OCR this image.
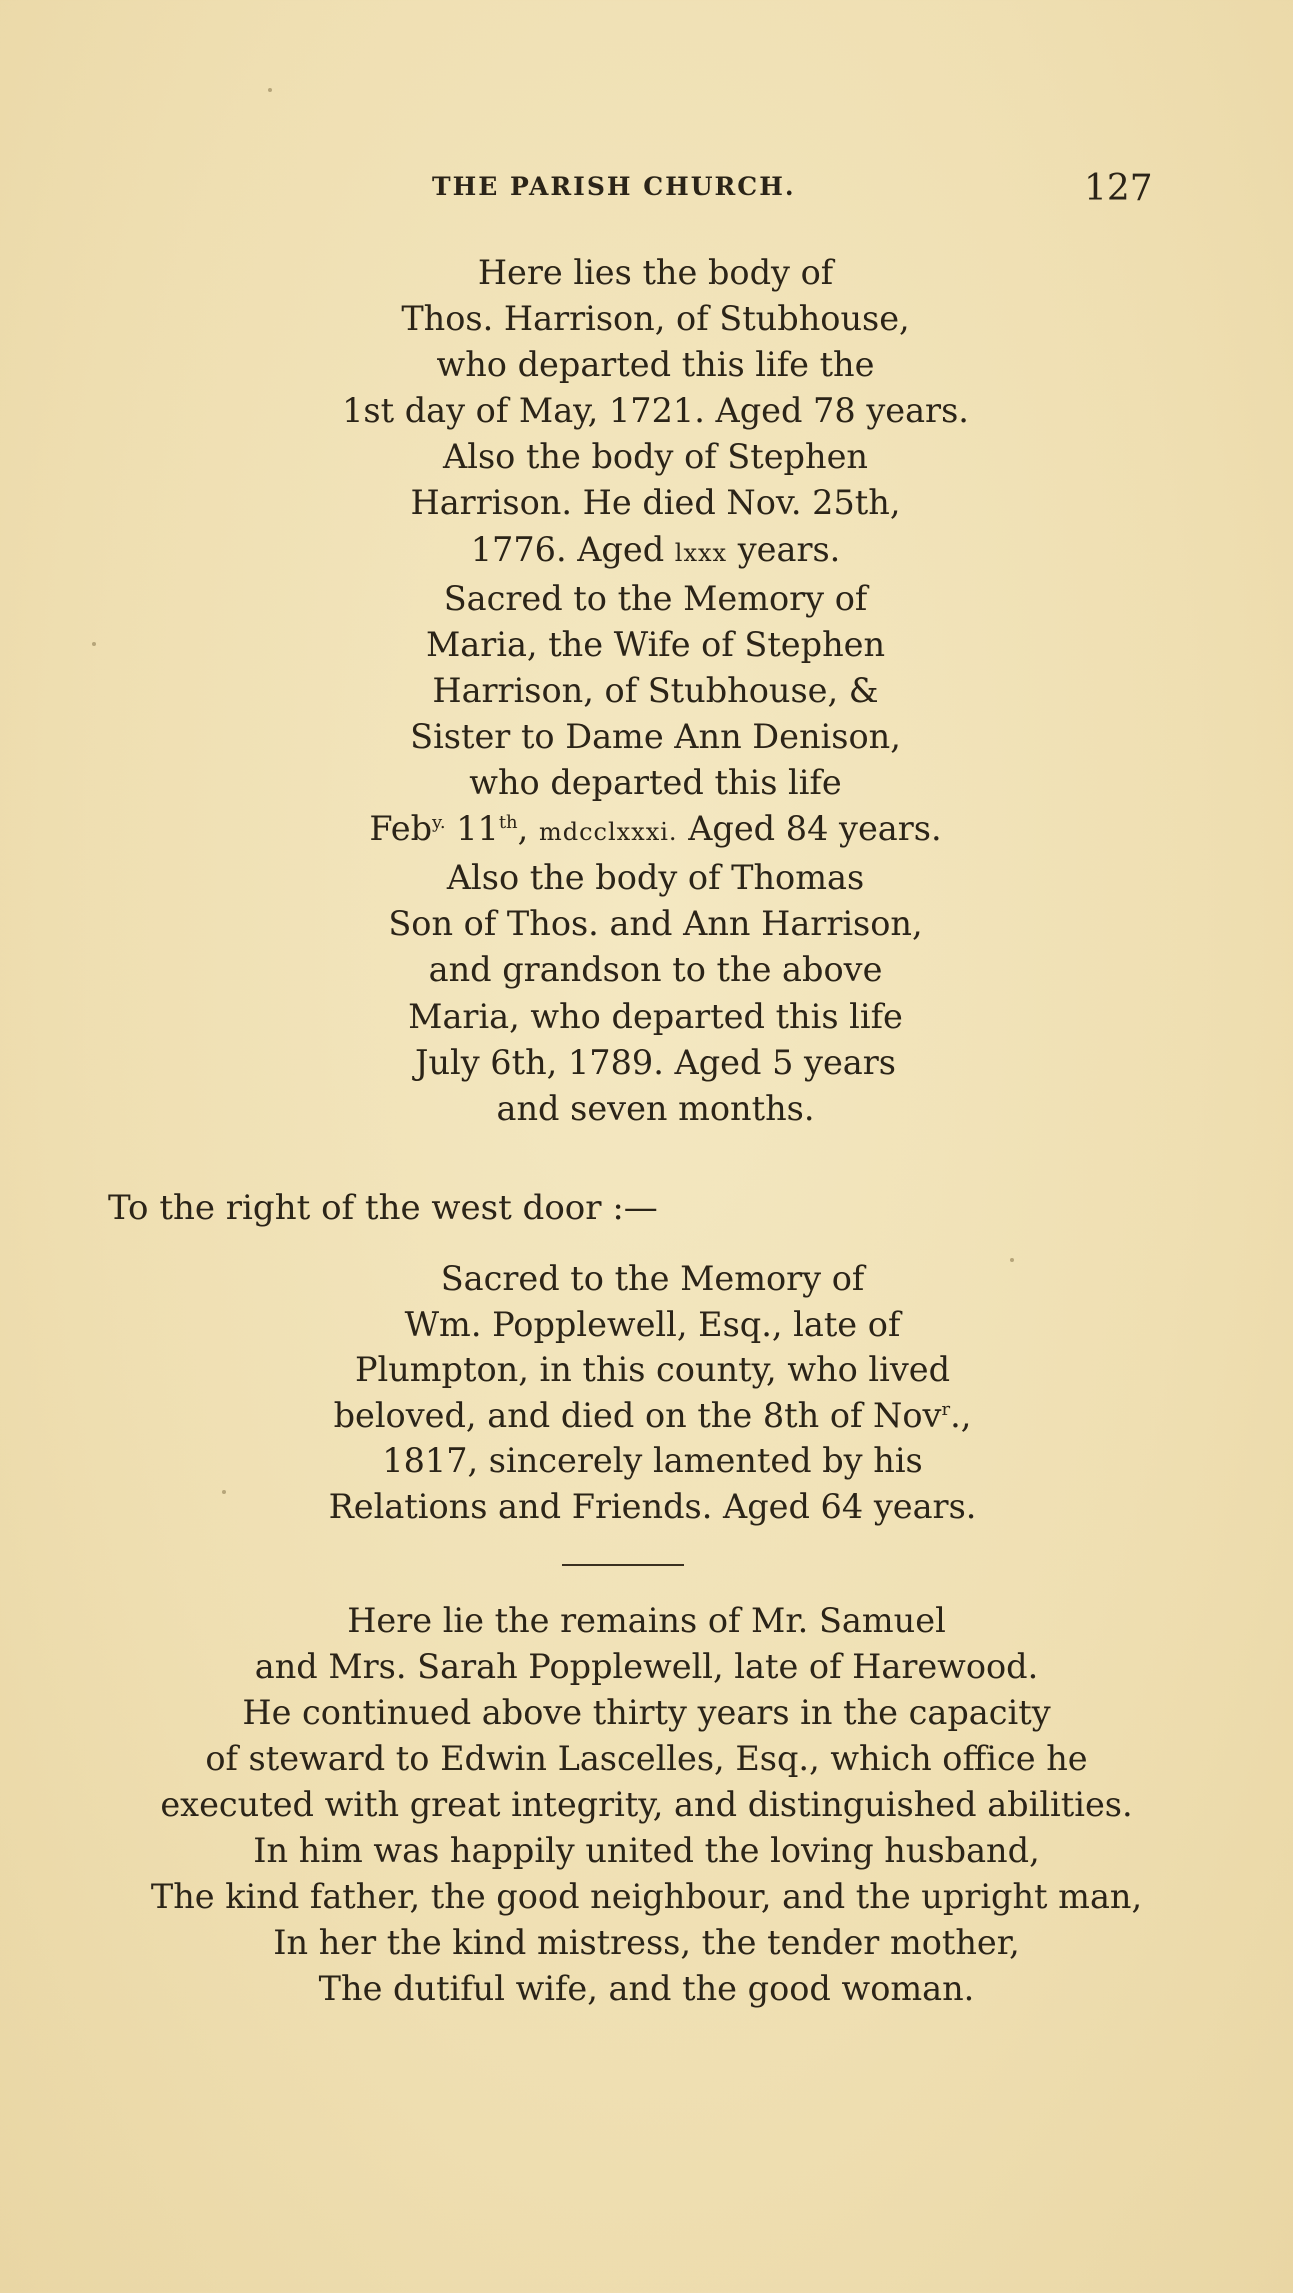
THE PARISH CHURCH.	127
Here lies the body of
Thos. Harrison, of Stubhouse,
who departed this life the
1st day of May, 1721. Aged 78 years.
Also the body of Stephen
Harrison. He died Nov. 25th,
1776. Aged lxxx years.
Sacred to the Memory of
Maria, the Wife of Stephen
Harrison, of Stubhouse, &
Sister to Dame Ann Denison,
who departed this life
Feb$^{y.}$ 11th, mdcclxxxi. Aged 84 years.
Also the body of Thomas
Son of Thos. and Ann Harrison,
and grandson to the above
Maria, who departed this life
July 6th, 1789. Aged 5 years
and seven months.
To the right of the west door :—
Sacred to the Memory of
Wm. Popplewell, Esq., late of
Plumpton, in this county, who lived
beloved, and died on the 8th of Nov$^r$.,
1817, sincerely lamented by his
Relations and Friends. Aged 64 years.
Here lie the remains of Mr. Samuel
and Mrs. Sarah Popplewell, late of Harewood.
He continued above thirty years in the capacity
of steward to Edwin Lascelles, Esq., which office he
executed with great integrity, and distinguished abilities.
In him was happily united the loving husband,
The kind father, the good neighbour, and the upright man,
In her the kind mistress, the tender mother,
The dutiful wife, and the good woman.
